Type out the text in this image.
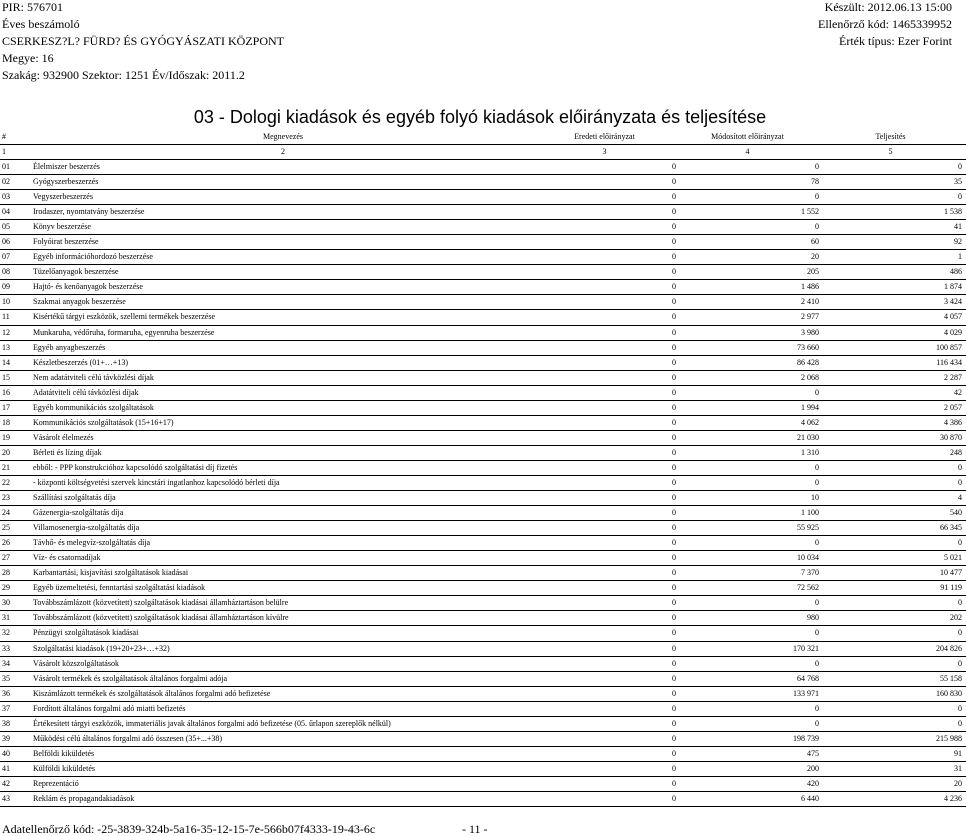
PIR: 576701
Éves beszámoló
CSERKESZ?L? FÜRD? ÉS GYÓGYÁSZATI KÖZPONT
Megye: 16
Szakág: 932900 Szektor: 1251 Év/Időszak: 2011.2
Készült: 2012.06.13 15:00
Ellenőrző kód: 1465339952
Érték típus: Ezer Forint
03 - Dologi kiadások és egyéb folyó kiadások előirányzata és teljesítése
#	Megnevezés	Eredeti előirányzat	Módosított előirányzat	Teljesítés
1	2	3	4	5
01	Élelmiszer beszerzés	0	0	0
02	Gyógyszerbeszerzés	0	78	35
03	Vegyszerbeszerzés	0	0	0
04	Irodaszer, nyomtatvány beszerzése	0	1 552	1 538
05	Könyv beszerzése	0	0	41
06	Folyóirat beszerzése	0	60	92
07	Egyéb információhordozó beszerzése	0	20	1
08	Tüzelőanyagok beszerzése	0	205	486
09	Hajtó- és kenőanyagok beszerzése	0	1 486	1 874
10	Szakmai anyagok beszerzése	0	2 410	3 424
11	Kisértékű tárgyi eszközök, szellemi termékek beszerzése	0	2 977	4 057
12	Munkaruha, védőruha, formaruha, egyenruha beszerzése	0	3 980	4 029
13	Egyéb anyagbeszerzés	0	73 660	100 857
14	Készletbeszerzés (01+…+13)	0	86 428	116 434
15	Nem adatátviteli célú távközlési díjak	0	2 068	2 287
16	Adatátviteli célú távközlési díjak	0	0	42
17	Egyéb kommunikációs szolgáltatások	0	1 994	2 057
18	Kommunikációs szolgáltatások (15+16+17)	0	4 062	4 386
19	Vásárolt élelmezés	0	21 030	30 870
20	Bérleti és lízing díjak	0	1 310	248
21	ebből: - PPP konstrukcióhoz kapcsolódó szolgáltatási díj fizetés	0	0	0
22	- központi költségvetési szervek kincstári ingatlanhoz kapcsolódó bérleti díja	0	0	0
23	Szállítási szolgáltatás díja	0	10	4
24	Gázenergia-szolgáltatás díja	0	1 100	540
25	Villamosenergia-szolgáltatás díja	0	55 925	66 345
26	Távhő- és melegvíz-szolgáltatás díja	0	0	0
27	Víz- és csatornadíjak	0	10 034	5 021
28	Karbantartási, kisjavítási szolgáltatások kiadásai	0	7 370	10 477
29	Egyéb üzemeltetési, fenntartási szolgáltatási kiadások	0	72 562	91 119
30	Továbbszámlázott (közvetített) szolgáltatások kiadásai államháztartáson belülre	0	0	0
31	Továbbszámlázott (közvetített) szolgáltatások kiadásai államháztartáson kívülre	0	980	202
32	Pénzügyi szolgáltatások kiadásai	0	0	0
33	Szolgáltatási kiadások (19+20+23+…+32)	0	170 321	204 826
34	Vásárolt közszolgáltatások	0	0	0
35	Vásárolt termékek és szolgáltatások általános forgalmi adója	0	64 768	55 158
36	Kiszámlázott termékek és szolgáltatások általános forgalmi adó befizetése	0	133 971	160 830
37	Fordított általános forgalmi adó miatti befizetés	0	0	0
38	Értékesített tárgyi eszközök, immateriális javak általános forgalmi adó befizetése (05. űrlapon szereplők nélkül)	0	0	0
39	Működési célú általános forgalmi adó összesen (35+...+38)	0	198 739	215 988
40	Belföldi kiküldetés	0	475	91
41	Külföldi kiküldetés	0	200	31
42	Reprezentáció	0	420	20
43	Reklám és propagandakiadások	0	6 440	4 236
Adatellenőrző kód: -25-3839-324b-5a16-35-12-15-7e-566b07f4333-19-43-6c	- 11 -
